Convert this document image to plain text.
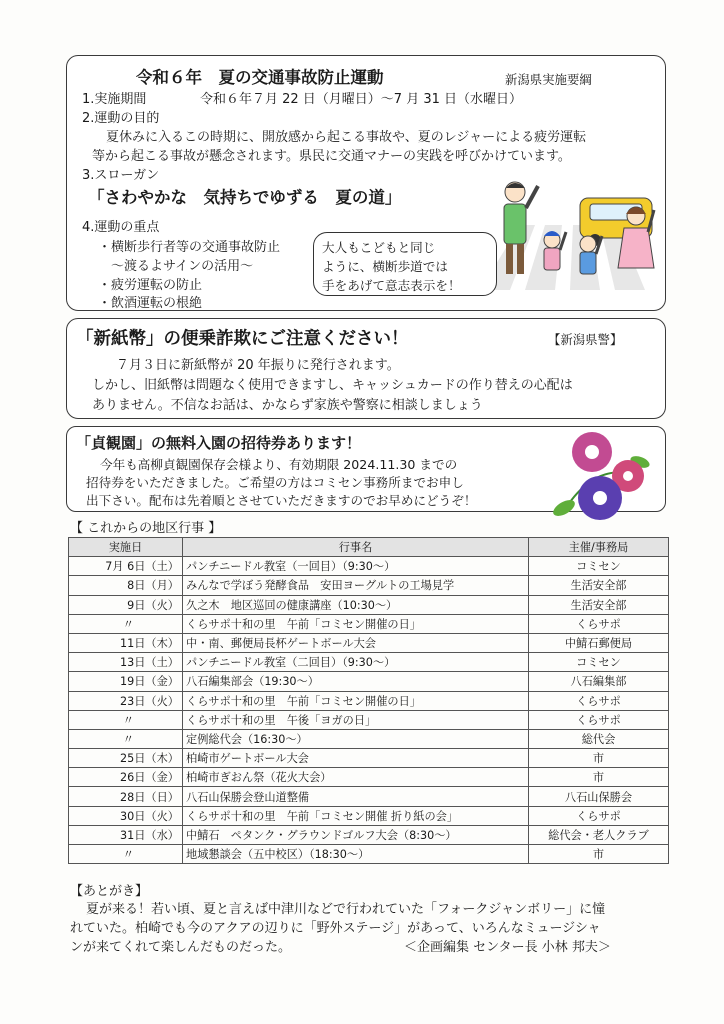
令和６年　夏の交通事故防止運動	新潟県実施要綱
1.実施期間	令和６年７月 22 日（月曜日）～7 月 31 日（水曜日）
2.運動の目的
夏休みに入るこの時期に、開放感から起こる事故や、夏のレジャーによる疲労運転
等から起こる事故が懸念されます。県民に交通マナーの実践を呼びかけています。
3.スローガン
「さわやかな　気持ちでゆずる　夏の道」
4.運動の重点
・横断歩行者等の交通事故防止
～渡るよサインの活用～
・疲労運転の防止
・飲酒運転の根絶
大人もこどもと同じ
ように、横断歩道では
手をあげて意志表示を！
「新紙幣」の便乗詐欺にご注意ください！	【新潟県警】
７月３日に新紙幣が 20 年振りに発行されます。
しかし、旧紙幣は問題なく使用できますし、キャッシュカードの作り替えの心配は
ありません。不信なお話は、かならず家族や警察に相談しましょう
「貞観園」の無料入園の招待券あります！
今年も高柳貞観園保存会様より、有効期限 2024.11.30 までの
招待券をいただきました。ご希望の方はコミセン事務所までお申し
出下さい。配布は先着順とさせていただきますのでお早めにどうぞ！
【 これからの地区行事 】
実施日	行事名	主催/事務局
7月 6日（土）	パンチニードル教室（一回目）（9:30～）	コミセン
8日（月）	みんなで学ぼう発酵食品　安田ヨーグルトの工場見学	生活安全部
9日（火）	久之木　地区巡回の健康講座（10:30～）	生活安全部
〃	くらサポ十和の里　午前「コミセン開催の日」	くらサポ
11日（木）	中・南、郵便局長杯ゲートボール大会	中鯖石郵便局
13日（土）	パンチニードル教室（二回目）（9:30～）	コミセン
19日（金）	八石編集部会（19:30～）	八石編集部
23日（火）	くらサポ十和の里　午前「コミセン開催の日」	くらサポ
〃	くらサポ十和の里　午後「ヨガの日」	くらサポ
〃	定例総代会（16:30～）	総代会
25日（木）	柏崎市ゲートボール大会	市
26日（金）	柏崎市ぎおん祭（花火大会）	市
28日（日）	八石山保勝会登山道整備	八石山保勝会
30日（火）	くらサポ十和の里　午前「コミセン開催 折り紙の会」	くらサポ
31日（水）	中鯖石　ペタンク・グラウンドゴルフ大会（8:30～）	総代会・老人クラブ
〃	地域懇談会（五中校区）（18:30～）	市
【あとがき】
夏が来る！若い頃、夏と言えば中津川などで行われていた「フォークジャンボリー」に憧
れていた。柏崎でも今のアクアの辺りに「野外ステージ」があって、いろんなミュージシャ
ンが来てくれて楽しんだものだった。	＜企画編集 センター長 小林 邦夫＞
